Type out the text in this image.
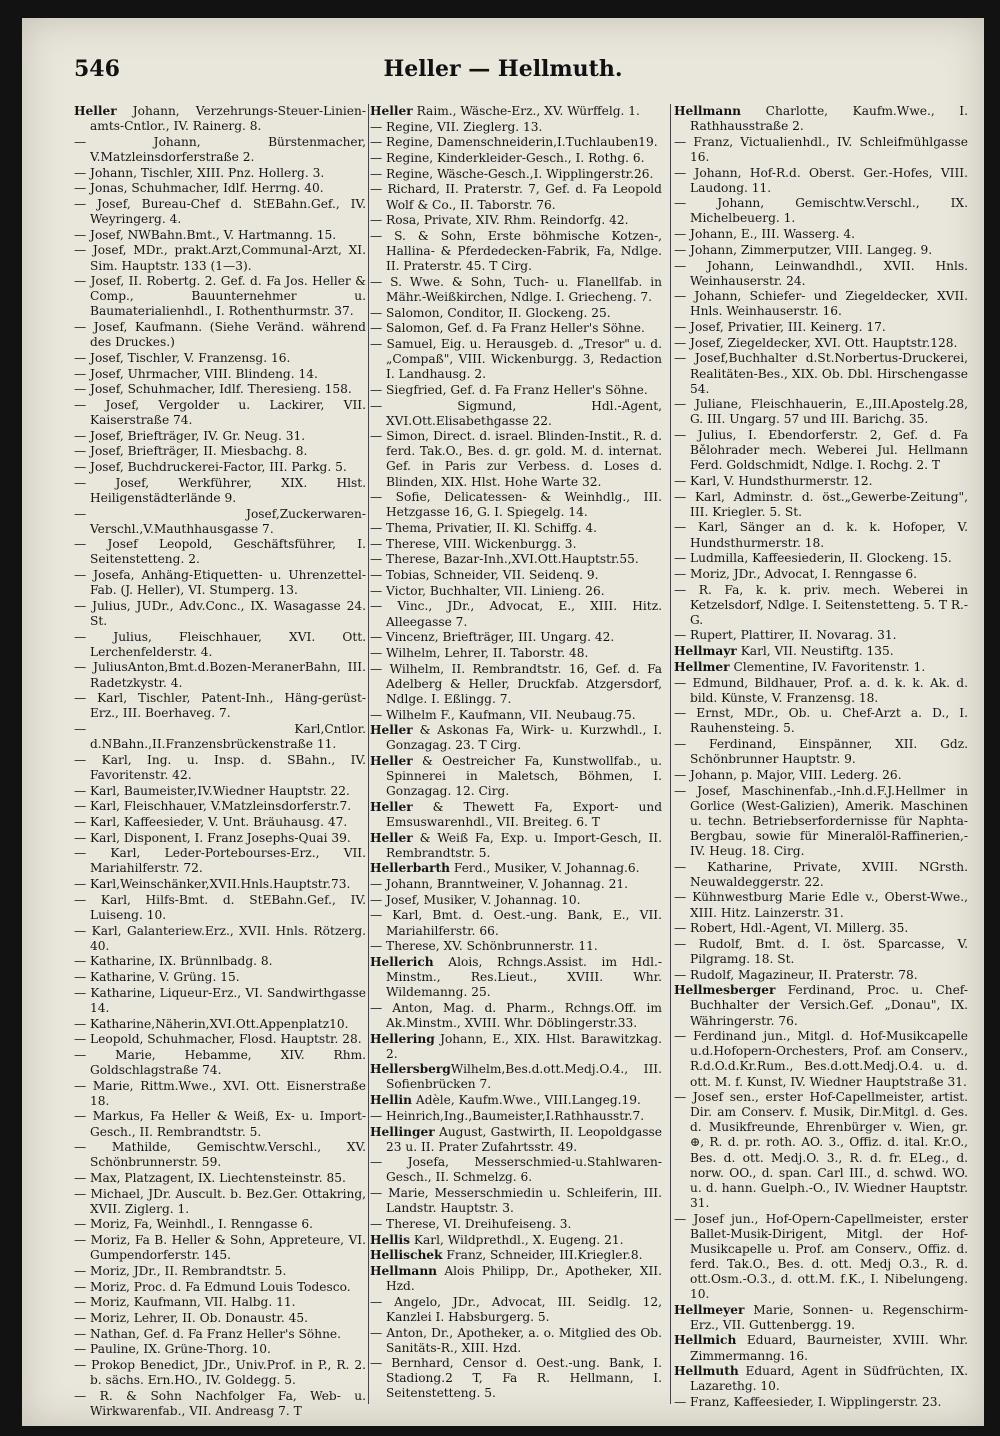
546	Heller — Hellmuth.
Heller Johann, Verzehrungs-Steuer-Linien-amts-Cntlor., IV. Rainerg. 8.
— Johann, Bürstenmacher, V.Matzleinsdorferstraße 2.
— Johann, Tischler, XIII. Pnz. Hollerg. 3.
— Jonas, Schuhmacher, Idlf. Herrng. 40.
— Josef, Bureau-Chef d. StEBahn.Gef., IV. Weyringerg. 4.
— Josef, NWBahn.Bmt., V. Hartmanng. 15.
— Josef, MDr., prakt.Arzt,Communal-Arzt, XI. Sim. Hauptstr. 133 (1—3).
— Josef, II. Robertg. 2. Gef. d. Fa Jos. Heller & Comp., Bauunternehmer u. Baumaterialienhdl., I. Rothenthurmstr. 37.
— Josef, Kaufmann. (Siehe Veränd. während des Druckes.)
— Josef, Tischler, V. Franzensg. 16.
— Josef, Uhrmacher, VIII. Blindeng. 14.
— Josef, Schuhmacher, Idlf. Theresieng. 158.
— Josef, Vergolder u. Lackirer, VII. Kaiserstraße 74.
— Josef, Briefträger, IV. Gr. Neug. 31.
— Josef, Briefträger, II. Miesbachg. 8.
— Josef, Buchdruckerei-Factor, III. Parkg. 5.
— Josef, Werkführer, XIX. Hlst. Heiligenstädterlände 9.
— Josef,Zuckerwaren-Verschl.,V.Mauthhausgasse 7.
— Josef Leopold, Geschäftsführer, I. Seitenstetteng. 2.
— Josefa, Anhäng-Etiquetten- u. Uhrenzettel-Fab. (J. Heller), VI. Stumperg. 13.
— Julius, JUDr., Adv.Conc., IX. Wasagasse 24. St.
— Julius, Fleischhauer, XVI. Ott. Lerchenfelderstr. 4.
— JuliusAnton,Bmt.d.Bozen-MeranerBahn, III. Radetzkystr. 4.
— Karl, Tischler, Patent-Inh., Häng-gerüst-Erz., III. Boerhaveg. 7.
— Karl,Cntlor. d.NBahn.,II.Franzensbrückenstraße 11.
— Karl, Ing. u. Insp. d. SBahn., IV. Favoritenstr. 42.
— Karl, Baumeister,IV.Wiedner Hauptstr. 22.
— Karl, Fleischhauer, V.Matzleinsdorferstr.7.
— Karl, Kaffeesieder, V. Unt. Bräuhausg. 47.
— Karl, Disponent, I. Franz Josephs-Quai 39.
— Karl, Leder-Portebourses-Erz., VII. Mariahilferstr. 72.
— Karl,Weinschänker,XVII.Hnls.Hauptstr.73.
— Karl, Hilfs-Bmt. d. StEBahn.Gef., IV. Luiseng. 10.
— Karl, Galanteriew.Erz., XVII. Hnls. Rötzerg. 40.
— Katharine, IX. Brünnlbadg. 8.
— Katharine, V. Grüng. 15.
— Katharine, Liqueur-Erz., VI. Sandwirthgasse 14.
— Katharine,Näherin,XVI.Ott.Appenplatz10.
— Leopold, Schuhmacher, Flosd. Hauptstr. 28.
— Marie, Hebamme, XIV. Rhm. Goldschlagstraße 74.
— Marie, Rittm.Wwe., XVI. Ott. Eisnerstraße 18.
— Markus, Fa Heller & Weiß, Ex- u. Import-Gesch., II. Rembrandtstr. 5.
— Mathilde, Gemischtw.Verschl., XV. Schönbrunnerstr. 59.
— Max, Platzagent, IX. Liechtensteinstr. 85.
— Michael, JDr. Auscult. b. Bez.Ger. Ottakring, XVII. Ziglerg. 1.
— Moriz, Fa, Weinhdl., I. Renngasse 6.
— Moriz, Fa B. Heller & Sohn, Appreteure, VI. Gumpendorferstr. 145.
— Moriz, JDr., II. Rembrandtstr. 5.
— Moriz, Proc. d. Fa Edmund Louis Todesco.
— Moriz, Kaufmann, VII. Halbg. 11.
— Moriz, Lehrer, II. Ob. Donaustr. 45.
— Nathan, Gef. d. Fa Franz Heller's Söhne.
— Pauline, IX. Grüne-Thorg. 10.
— Prokop Benedict, JDr., Univ.Prof. in P., R. 2. b. sächs. Ern.HO., IV. Goldegg. 5.
— R. & Sohn Nachfolger Fa, Web- u. Wirkwarenfab., VII. Andreasg 7. T
Heller Raim., Wäsche-Erz., XV. Würffelg. 1.
— Regine, VII. Zieglerg. 13.
— Regine, Damenschneiderin,I.Tuchlauben19.
— Regine, Kinderkleider-Gesch., I. Rothg. 6.
— Regine, Wäsche-Gesch.,I. Wipplingerstr.26.
— Richard, II. Praterstr. 7, Gef. d. Fa Leopold Wolf & Co., II. Taborstr. 76.
— Rosa, Private, XIV. Rhm. Reindorfg. 42.
— S. & Sohn, Erste böhmische Kotzen-, Hallina- & Pferdedecken-Fabrik, Fa, Ndlge. II. Praterstr. 45. T Cirg.
— S. Wwe. & Sohn, Tuch- u. Flanellfab. in Mähr.-Weißkirchen, Ndlge. I. Griecheng. 7.
— Salomon, Conditor, II. Glockeng. 25.
— Salomon, Gef. d. Fa Franz Heller's Söhne.
— Samuel, Eig. u. Herausgeb. d. „Tresor" u. d. „Compaß", VIII. Wickenburgg. 3, Redaction I. Landhausg. 2.
— Siegfried, Gef. d. Fa Franz Heller's Söhne.
— Sigmund, Hdl.-Agent, XVI.Ott.Elisabethgasse 22.
— Simon, Direct. d. israel. Blinden-Instit., R. d. ferd. Tak.O., Bes. d. gr. gold. M. d. internat. Gef. in Paris zur Verbess. d. Loses d. Blinden, XIX. Hlst. Hohe Warte 32.
— Sofie, Delicatessen- & Weinhdlg., III. Hetzgasse 16, G. I. Spiegelg. 14.
— Thema, Privatier, II. Kl. Schiffg. 4.
— Therese, VIII. Wickenburgg. 3.
— Therese, Bazar-Inh.,XVI.Ott.Hauptstr.55.
— Tobias, Schneider, VII. Seidenq. 9.
— Victor, Buchhalter, VII. Linieng. 26.
— Vinc., JDr., Advocat, E., XIII. Hitz. Alleegasse 7.
— Vincenz, Briefträger, III. Ungarg. 42.
— Wilhelm, Lehrer, II. Taborstr. 48.
— Wilhelm, II. Rembrandtstr. 16, Gef. d. Fa Adelberg & Heller, Druckfab. Atzgersdorf, Ndlge. I. Eßlingg. 7.
— Wilhelm F., Kaufmann, VII. Neubaug.75.
Heller & Askonas Fa, Wirk- u. Kurzwhdl., I. Gonzagag. 23. T Cirg.
Heller & Oestreicher Fa, Kunstwollfab., u. Spinnerei in Maletsch, Böhmen, I. Gonzagag. 12. Cirg.
Heller & Thewett Fa, Export- und Emsuswarenhdl., VII. Breiteg. 6. T
Heller & Weiß Fa, Exp. u. Import-Gesch, II. Rembrandtstr. 5.
Hellerbarth Ferd., Musiker, V. Johannag.6.
— Johann, Branntweiner, V. Johannag. 21.
— Josef, Musiker, V. Johannag. 10.
— Karl, Bmt. d. Oest.-ung. Bank, E., VII. Mariahilferstr. 66.
— Therese, XV. Schönbrunnerstr. 11.
Hellerich Alois, Rchngs.Assist. im Hdl.-Minstm., Res.Lieut., XVIII. Whr. Wildemanng. 25.
— Anton, Mag. d. Pharm., Rchngs.Off. im Ak.Minstm., XVIII. Whr. Döblingerstr.33.
Hellering Johann, E., XIX. Hlst. Barawitzkag. 2.
HellersbergWilhelm,Bes.d.ott.Medj.O.4., III. Sofienbrücken 7.
Hellin Adèle, Kaufm.Wwe., VIII.Langeg.19.
— Heinrich,Ing.,Baumeister,I.Rathhausstr.7.
Hellinger August, Gastwirth, II. Leopoldgasse 23 u. II. Prater Zufahrtsstr. 49.
— Josefa, Messerschmied-u.Stahlwaren-Gesch., II. Schmelzg. 6.
— Marie, Messerschmiedin u. Schleiferin, III. Landstr. Hauptstr. 3.
— Therese, VI. Dreihufeiseng. 3.
Hellis Karl, Wildprethdl., X. Eugeng. 21.
Hellischek Franz, Schneider, III.Kriegler.8.
Hellmann Alois Philipp, Dr., Apotheker, XII. Hzd.
— Angelo, JDr., Advocat, III. Seidlg. 12, Kanzlei I. Habsburgerg. 5.
— Anton, Dr., Apotheker, a. o. Mitglied des Ob. Sanitäts-R., XIII. Hzd.
— Bernhard, Censor d. Oest.-ung. Bank, I. Stadiong.2 T, Fa R. Hellmann, I. Seitenstetteng. 5.
Hellmann Charlotte, Kaufm.Wwe., I. Rathhausstraße 2.
— Franz, Victualienhdl., IV. Schleifmühlgasse 16.
— Johann, Hof-R.d. Oberst. Ger.-Hofes, VIII. Laudong. 11.
— Johann, Gemischtw.Verschl., IX. Michelbeuerg. 1.
— Johann, E., III. Wasserg. 4.
— Johann, Zimmerputzer, VIII. Langeg. 9.
— Johann, Leinwandhdl., XVII. Hnls. Weinhauserstr. 24.
— Johann, Schiefer- und Ziegeldecker, XVII. Hnls. Weinhauserstr. 16.
— Josef, Privatier, III. Keinerg. 17.
— Josef, Ziegeldecker, XVI. Ott. Hauptstr.128.
— Josef,Buchhalter d.St.Norbertus-Druckerei, Realitäten-Bes., XIX. Ob. Dbl. Hirschengasse 54.
— Juliane, Fleischhauerin, E.,III.Apostelg.28, G. III. Ungarg. 57 und III. Barichg. 35.
— Julius, I. Ebendorferstr. 2, Gef. d. Fa Bělohrader mech. Weberei Jul. Hellmann Ferd. Goldschmidt, Ndlge. I. Rochg. 2. T
— Karl, V. Hundsthurmerstr. 12.
— Karl, Adminstr. d. öst.„Gewerbe-Zeitung", III. Kriegler. 5. St.
— Karl, Sänger an d. k. k. Hofoper, V. Hundsthurmerstr. 18.
— Ludmilla, Kaffeesiederin, II. Glockeng. 15.
— Moriz, JDr., Advocat, I. Renngasse 6.
— R. Fa, k. k. priv. mech. Weberei in Ketzelsdorf, Ndlge. I. Seitenstetteng. 5. T R.-G.
— Rupert, Plattirer, II. Novarag. 31.
Hellmayr Karl, VII. Neustiftg. 135.
Hellmer Clementine, IV. Favoritenstr. 1.
— Edmund, Bildhauer, Prof. a. d. k. k. Ak. d. bild. Künste, V. Franzensg. 18.
— Ernst, MDr., Ob. u. Chef-Arzt a. D., I. Rauhensteing. 5.
— Ferdinand, Einspänner, XII. Gdz. Schönbrunner Hauptstr. 9.
— Johann, p. Major, VIII. Lederg. 26.
— Josef, Maschinenfab.,-Inh.d.F.J.Hellmer in Gorlice (West-Galizien), Amerik. Maschinen u. techn. Betriebserfordernisse für Naphta-Bergbau, sowie für Mineralöl-Raffinerien,- IV. Heug. 18. Cirg.
— Katharine, Private, XVIII. NGrsth. Neuwaldeggerstr. 22.
— Kühnwestburg Marie Edle v., Oberst-Wwe., XIII. Hitz. Lainzerstr. 31.
— Robert, Hdl.-Agent, VI. Millerg. 35.
— Rudolf, Bmt. d. I. öst. Sparcasse, V. Pilgramg. 18. St.
— Rudolf, Magazineur, II. Praterstr. 78.
Hellmesberger Ferdinand, Proc. u. Chef-Buchhalter der Versich.Gef. „Donau", IX. Währingerstr. 76.
— Ferdinand jun., Mitgl. d. Hof-Musikcapelle u.d.Hofopern-Orchesters, Prof. am Conserv., R.d.O.d.Kr.Rum., Bes.d.ott.Medj.O.4. u. d. ott. M. f. Kunst, IV. Wiedner Hauptstraße 31.
— Josef sen., erster Hof-Capellmeister, artist. Dir. am Conserv. f. Musik, Dir.Mitgl. d. Ges. d. Musikfreunde, Ehrenbürger v. Wien, gr. ⊕, R. d. pr. roth. AO. 3., Offiz. d. ital. Kr.O., Bes. d. ott. Medj.O. 3., R. d. fr. ELeg., d. norw. OO., d. span. Carl III., d. schwd. WO. u. d. hann. Guelph.-O., IV. Wiedner Hauptstr. 31.
— Josef jun., Hof-Opern-Capellmeister, erster Ballet-Musik-Dirigent, Mitgl. der Hof-Musikcapelle u. Prof. am Conserv., Offiz. d. ferd. Tak.O., Bes. d. ott. Medj O.3., R. d. ott.Osm.-O.3., d. ott.M. f.K., I. Nibelungeng. 10.
Hellmeyer Marie, Sonnen- u. Regenschirm-Erz., VII. Guttenbergg. 19.
Hellmich Eduard, Baurneister, XVIII. Whr. Zimmermanng. 16.
Hellmuth Eduard, Agent in Südfrüchten, IX. Lazarethg. 10.
— Franz, Kaffeesieder, I. Wipplingerstr. 23.
